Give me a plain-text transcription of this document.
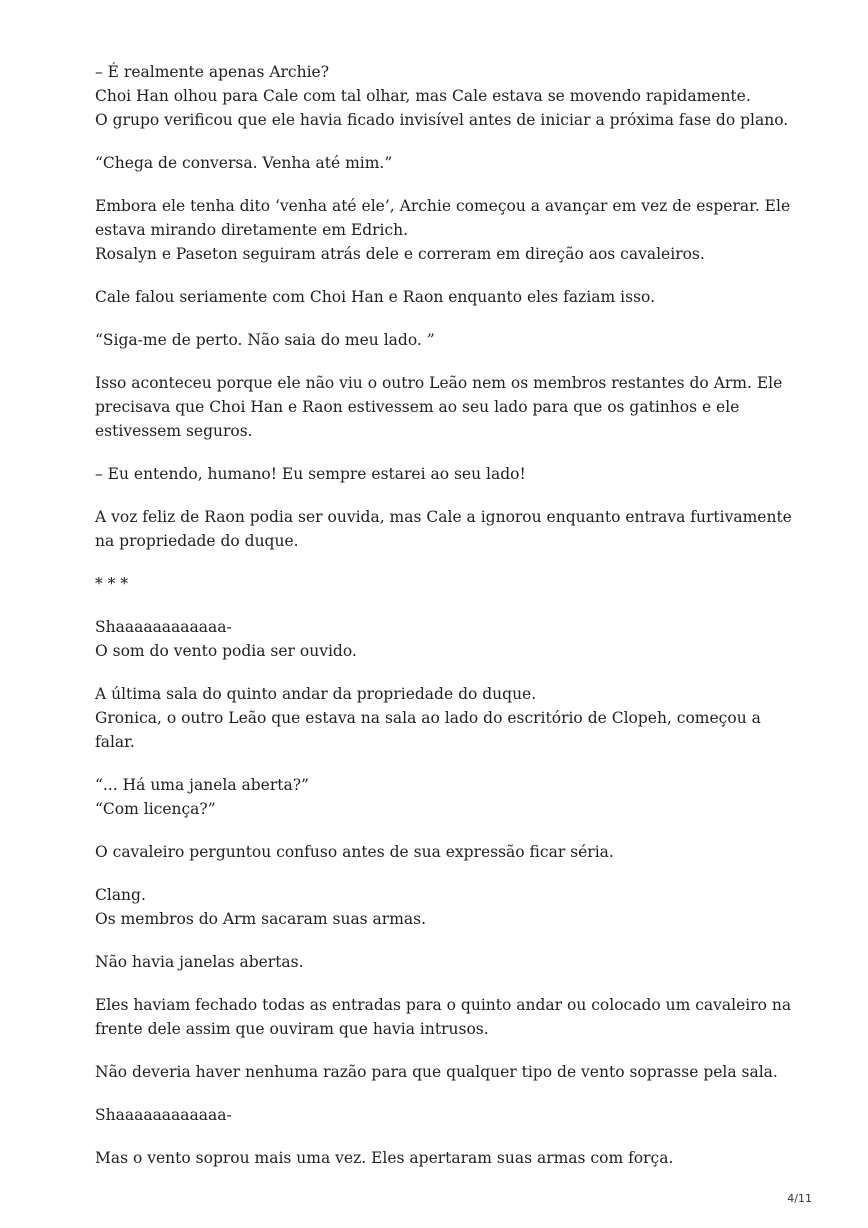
– É realmente apenas Archie?
Choi Han olhou para Cale com tal olhar, mas Cale estava se movendo rapidamente.
O grupo verificou que ele havia ficado invisível antes de iniciar a próxima fase do plano.
“Chega de conversa. Venha até mim.”
Embora ele tenha dito ‘venha até ele’, Archie começou a avançar em vez de esperar. Ele
estava mirando diretamente em Edrich.
Rosalyn e Paseton seguiram atrás dele e correram em direção aos cavaleiros.
Cale falou seriamente com Choi Han e Raon enquanto eles faziam isso.
“Siga-me de perto. Não saia do meu lado. ”
Isso aconteceu porque ele não viu o outro Leão nem os membros restantes do Arm. Ele
precisava que Choi Han e Raon estivessem ao seu lado para que os gatinhos e ele
estivessem seguros.
– Eu entendo, humano! Eu sempre estarei ao seu lado!
A voz feliz de Raon podia ser ouvida, mas Cale a ignorou enquanto entrava furtivamente
na propriedade do duque.
* * *
Shaaaaaaaaaaaa-
O som do vento podia ser ouvido.
A última sala do quinto andar da propriedade do duque.
Gronica, o outro Leão que estava na sala ao lado do escritório de Clopeh, começou a
falar.
“... Há uma janela aberta?”
“Com licença?”
O cavaleiro perguntou confuso antes de sua expressão ficar séria.
Clang.
Os membros do Arm sacaram suas armas.
Não havia janelas abertas.
Eles haviam fechado todas as entradas para o quinto andar ou colocado um cavaleiro na
frente dele assim que ouviram que havia intrusos.
Não deveria haver nenhuma razão para que qualquer tipo de vento soprasse pela sala.
Shaaaaaaaaaaaa-
Mas o vento soprou mais uma vez. Eles apertaram suas armas com força.
4/11
